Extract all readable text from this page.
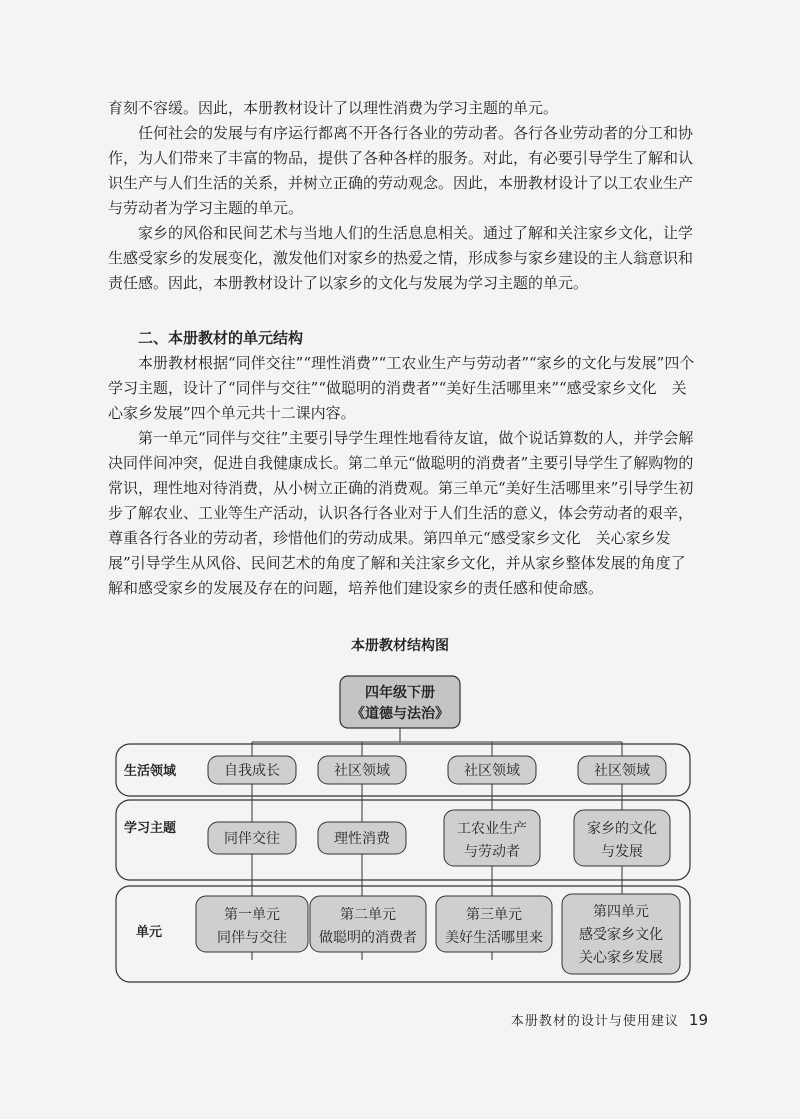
育刻不容缓。因此，本册教材设计了以理性消费为学习主题的单元。

任何社会的发展与有序运行都离不开各行各业的劳动者。各行各业劳动者的分工和协作，为人们带来了丰富的物品，提供了各种各样的服务。对此，有必要引导学生了解和认识生产与人们生活的关系，并树立正确的劳动观念。因此，本册教材设计了以工农业生产与劳动者为学习主题的单元。

家乡的风俗和民间艺术与当地人们的生活息息相关。通过了解和关注家乡文化，让学生感受家乡的发展变化，激发他们对家乡的热爱之情，形成参与家乡建设的主人翁意识和责任感。因此，本册教材设计了以家乡的文化与发展为学习主题的单元。

二、本册教材的单元结构

本册教材根据“同伴交往”“理性消费”“工农业生产与劳动者”“家乡的文化与发展”四个学习主题，设计了“同伴与交往”“做聪明的消费者”“美好生活哪里来”“感受家乡文化　关心家乡发展”四个单元共十二课内容。

第一单元“同伴与交往”主要引导学生理性地看待友谊，做个说话算数的人，并学会解决同伴间冲突，促进自我健康成长。第二单元“做聪明的消费者”主要引导学生了解购物的常识，理性地对待消费，从小树立正确的消费观。第三单元“美好生活哪里来”引导学生初步了解农业、工业等生产活动，认识各行各业对于人们生活的意义，体会劳动者的艰辛，尊重各行各业的劳动者，珍惜他们的劳动成果。第四单元“感受家乡文化　关心家乡发展”引导学生从风俗、民间艺术的角度了解和关注家乡文化，并从家乡整体发展的角度了解和感受家乡的发展及存在的问题，培养他们建设家乡的责任感和使命感。

本册教材结构图
生活领域
学习主题
单元
四年级下册
《道德与法治》
自我成长	社区领域	社区领域	社区领域
同伴交往	理性消费
工农业生产
与劳动者
家乡的文化
与发展
第一单元
同伴与交往
第二单元
做聪明的消费者
第三单元
美好生活哪里来
第四单元
感受家乡文化
关心家乡发展
本册教材的设计与使用建议 19
